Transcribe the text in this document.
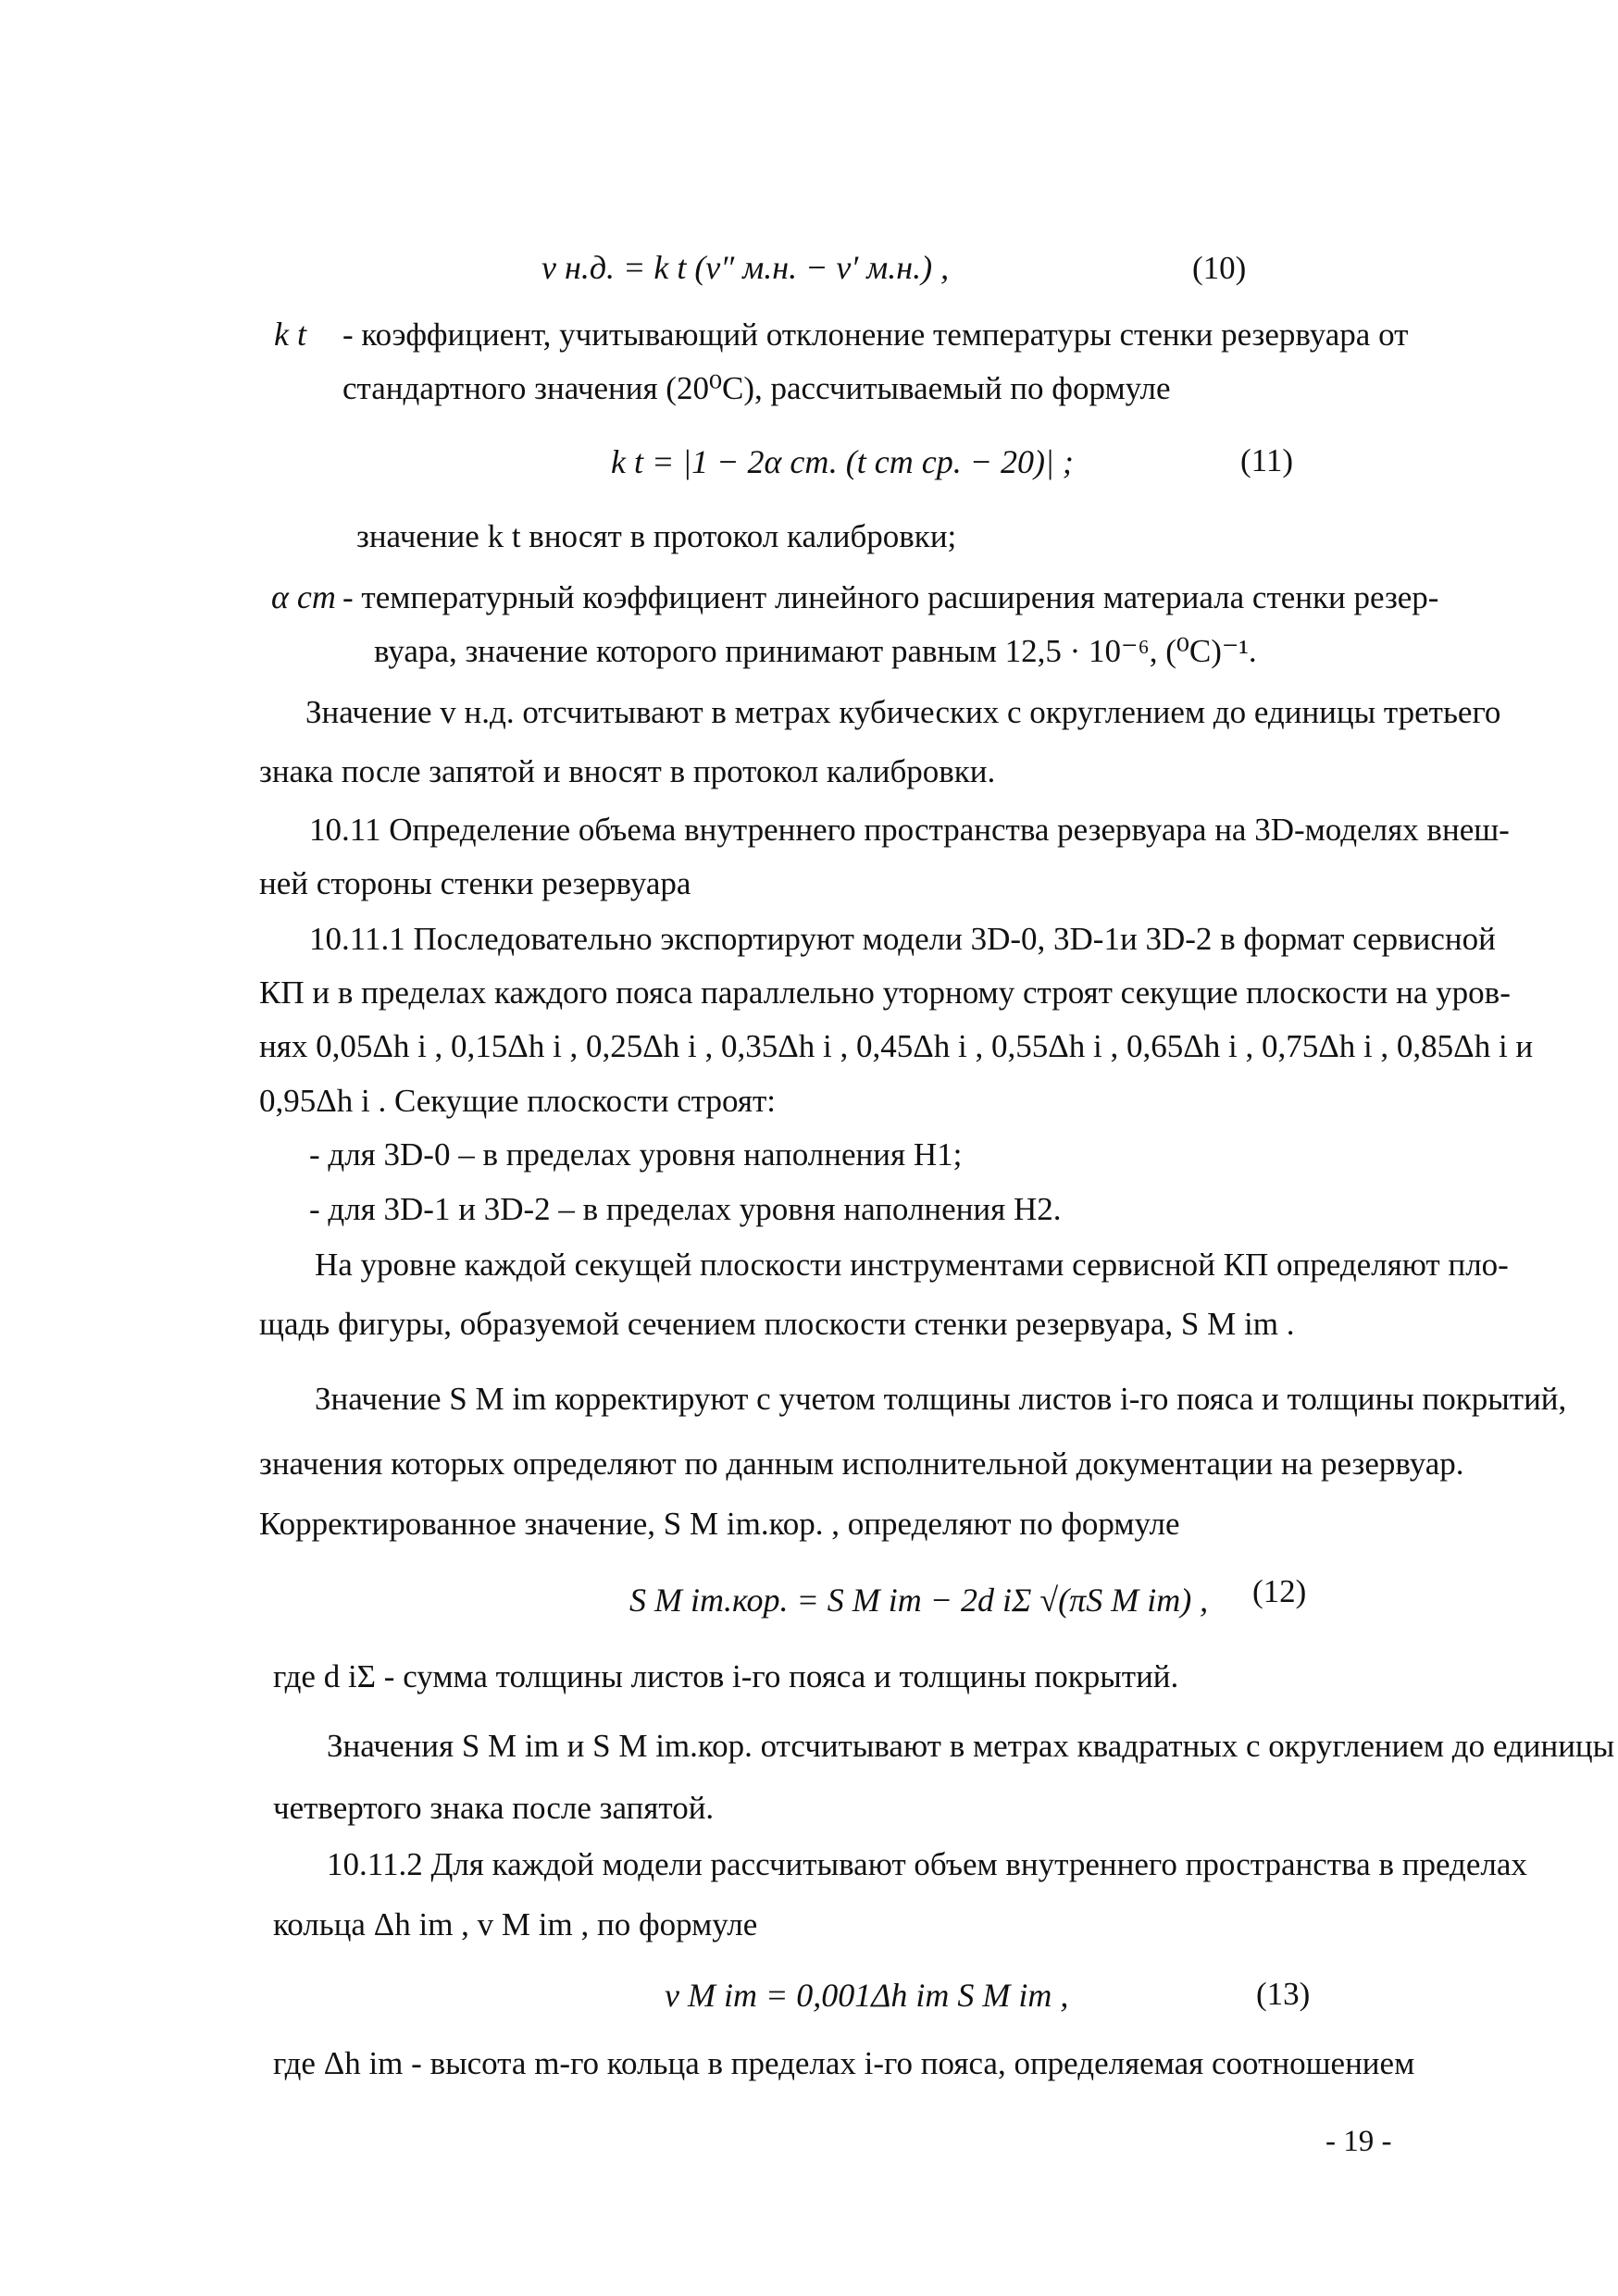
v н.д. = k t (v″ м.н. − v′ м.н.) ,	(10)
k t - коэффициент, учитывающий отклонение температуры стенки резервуара от
стандартного значения (20⁰С), рассчитываемый по формуле
k t = |1 − 2α ст. (t ст ср. − 20)| ;	(11)
значение k t вносят в протокол калибровки;
α ст - температурный коэффициент линейного расширения материала стенки резер-
вуара, значение которого принимают равным 12,5 · 10⁻⁶, (⁰С)⁻¹.
Значение v н.д. отсчитывают в метрах кубических с округлением до единицы третьего
знака после запятой и вносят в протокол калибровки.
10.11 Определение объема внутреннего пространства резервуара на 3D-моделях внеш-
ней стороны стенки резервуара
10.11.1 Последовательно экспортируют модели 3D-0, 3D-1и 3D-2 в формат сервисной
КП и в пределах каждого пояса параллельно уторному строят секущие плоскости на уров-
нях 0,05Δh i , 0,15Δh i , 0,25Δh i , 0,35Δh i , 0,45Δh i , 0,55Δh i , 0,65Δh i , 0,75Δh i , 0,85Δh i и
0,95Δh i . Секущие плоскости строят:
- для 3D-0 – в пределах уровня наполнения H1;
- для 3D-1 и 3D-2 – в пределах уровня наполнения H2.
На уровне каждой секущей плоскости инструментами сервисной КП определяют пло-
щадь фигуры, образуемой сечением плоскости стенки резервуара, S M im .
Значение S M im корректируют с учетом толщины листов i-го пояса и толщины покрытий,
значения которых определяют по данным исполнительной документации на резервуар.
Корректированное значение, S M im.кор. , определяют по формуле
S M im.кор. = S M im − 2d iΣ √(πS M im) , (12)
где d iΣ - сумма толщины листов i-го пояса и толщины покрытий.
Значения S M im и S M im.кор. отсчитывают в метрах квадратных с округлением до единицы
четвертого знака после запятой.
10.11.2 Для каждой модели рассчитывают объем внутреннего пространства в пределах
кольца Δh im , v M im , по формуле
v M im = 0,001Δh im S M im ,	(13)
где Δh im - высота m-го кольца в пределах i-го пояса, определяемая соотношением
- 19 -
